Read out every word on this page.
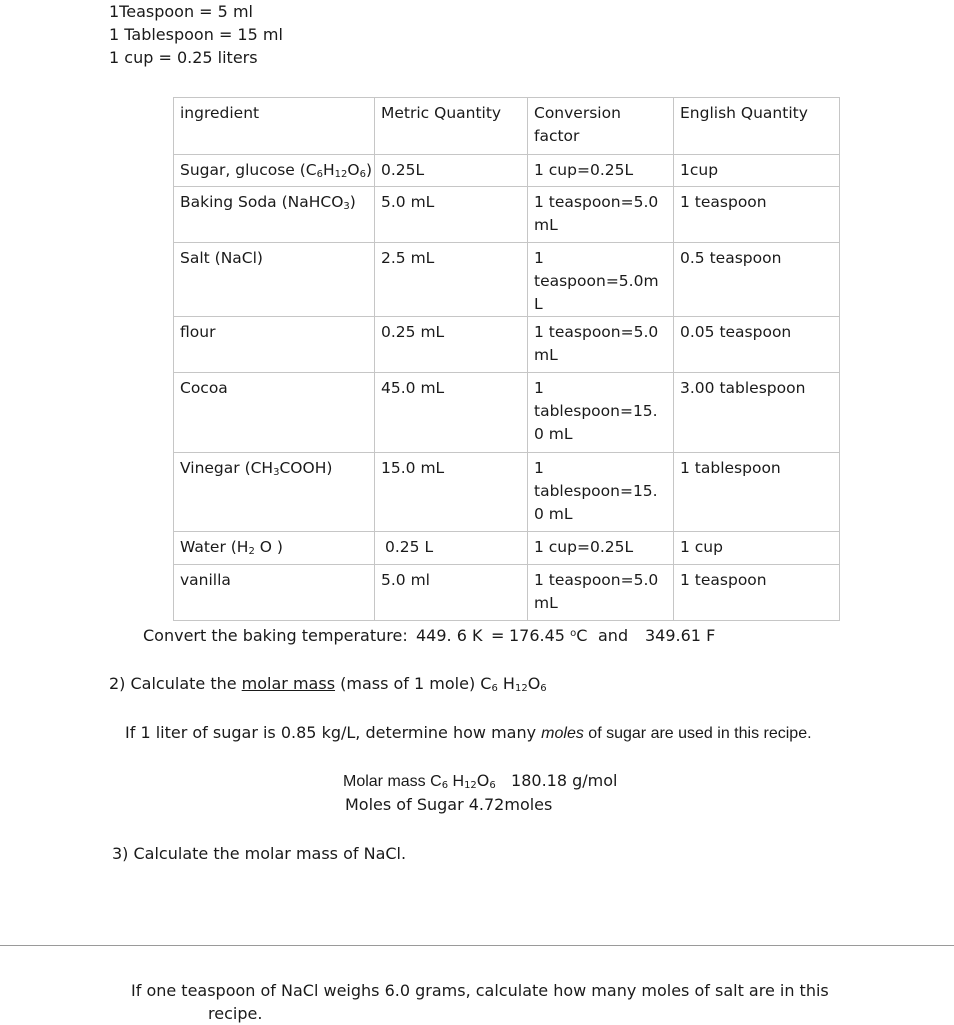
1Teaspoon = 5 ml
1 Tablespoon = 15 ml
1 cup = 0.25 liters
ingredient	Metric Quantity	Conversion factor	English Quantity
Sugar, glucose $(C_6H_{12}O_6)$	0.25L	1 cup=0.25L	1cup
Baking Soda (NaHCO$_3$)	5.0 mL	1 teaspoon=5.0 mL	1 teaspoon
Salt (NaCl)	2.5 mL	1 teaspoon=5.0mL	0.5 teaspoon
flour	0.25 mL	1 teaspoon=5.0 mL	0.05 teaspoon
Cocoa	45.0 mL	1 tablespoon=15.0 mL	3.00 tablespoon
Vinegar $(CH_3COOH)$	15.0 mL	1 tablespoon=15.0 mL	1 tablespoon
Water ($H_2$ O )	0.25 L	1 cup=0.25L	1 cup
vanilla	5.0 ml	1 teaspoon=5.0 mL	1 teaspoon
Convert the baking temperature: 449. 6 K = 176.45 $^o$C and 349.61 F
2) Calculate the molar mass (mass of 1 mole) $C_6$ $H_{12}O_6$
If 1 liter of sugar is 0.85 kg/L, determine how many moles of sugar are used in this recipe.
Molar mass $C_6$ $H_{12}O_6$ 180.18 g/mol
Moles of Sugar 4.72moles
3) Calculate the molar mass of NaCl.
If one teaspoon of NaCl weighs 6.0 grams, calculate how many moles of salt are in this
recipe.
